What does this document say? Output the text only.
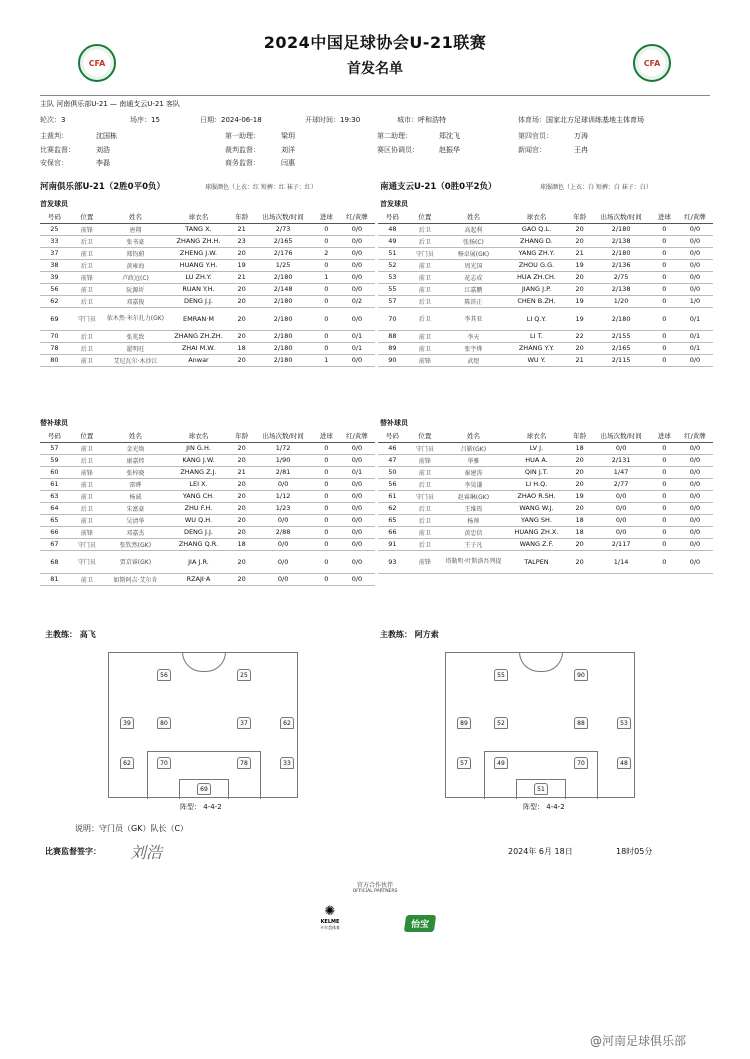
CFA	CFA
2024中国足球协会U-21联赛
首发名单
主队 河南俱乐部U-21 — 南通支云U-21 客队
轮次：3	场序：15	日期：2024-06-18	开球时间：19:30	城市：呼和浩特	体育场：国家北方足球训练基地主体育场
主裁判：	沈国栋	第一助理：	梁玥	第二助理：	郑沈飞	第四官员：	万涛
比赛监督：	刘浩	裁判监督：	刘洋	赛区协调员：	赵振华	新闻官：	王冉
安保官：	李磊	商务监督：	闫惠
河南俱乐部U-21（2胜0平0负）	球服颜色（上衣：红 短裤：红 袜子：红）	南通支云U-21（0胜0平2负）	球服颜色（上衣：白 短裤：白 袜子：白）
首发球员	首发球员
号码	位置	姓名	球衣名	年龄	出场次数/时间	进球	红/黄牌
25	前锋	唐翔	TANG X.	21	2/73	0	0/0
33	后卫	张书豪	ZHANG ZH.H.	23	2/165	0	0/0
37	前卫	郑钧蔚	ZHENG J.W.	20	2/176	2	0/0
38	后卫	黄雍海	HUANG Y.H.	19	1/25	0	0/0
39	前锋	卢政远(C)	LU ZH.Y.	21	2/180	1	0/0
56	前卫	阮源圻	RUAN Y.H.	20	2/148	0	0/0
62	后卫	邓嘉俊	DENG J.J.	20	2/180	0	0/2
69	守门员	依木然·米尔扎力(GK)	EMRAN·M	20	2/180	0	0/0
70	后卫	张兆致	ZHANG ZH.ZH.	20	2/180	0	0/1
78	后卫	翟明旺	ZHAI M.W.	18	2/180	0	0/1
80	前卫	艾尼瓦尔·木沙江	Anwar	20	2/180	1	0/0
号码	位置	姓名	球衣名	年龄	出场次数/时间	进球	红/黄牌
48	后卫	高起利	GAO Q.L.	20	2/180	0	0/0
49	后卫	张扬(C)	ZHANG D.	20	2/138	0	0/0
51	守门员	杨卓展(GK)	YANG ZH.Y.	21	2/180	0	0/0
52	前卫	周光国	ZHOU G.G.	19	2/136	0	0/0
53	前卫	花志成	HUA ZH.CH.	20	2/75	0	0/0
55	前卫	江嘉鹏	JIANG J.P.	20	2/138	0	0/0
57	后卫	陈滨正	CHEN B.ZH.	19	1/20	0	1/0
70	后卫	李其亚	LI Q.Y.	19	2/180	0	0/1
88	前卫	李天	LI T.	22	2/155	0	0/1
89	前卫	张宇烨	ZHANG Y.Y.	20	2/165	0	0/1
90	前锋	武煜	WU Y.	21	2/115	0	0/0
替补球员	替补球员
号码	位置	姓名	球衣名	年龄	出场次数/时间	进球	红/黄牌
57	前卫	金光焕	JIN G.H.	20	1/72	0	0/0
59	后卫	康嘉炜	KANG J.W.	20	1/90	0	0/0
60	前锋	张梓晓	ZHANG Z.J.	21	2/81	0	0/1
61	前卫	雷晔	LEI X.	20	0/0	0	0/0
63	前卫	杨诚	YANG CH.	20	1/12	0	0/0
64	后卫	朱富豪	ZHU F.H.	20	1/23	0	0/0
65	前卫	吴清华	WU Q.H.	20	0/0	0	0/0
66	前锋	邓嘉杰	DENG J.J.	20	2/88	0	0/0
67	守门员	张钦然(GK)	ZHANG Q.R.	18	0/0	0	0/0
68	守门员	贾京睿(GK)	JIA J.R.	20	0/0	0	0/0
81	前卫	如斯阿吉·艾尔肯	RZAJI·A	20	0/0	0	0/0
号码	位置	姓名	球衣名	年龄	出场次数/时间	进球	红/黄牌
46	守门员	吕靳(GK)	LV J.	18	0/0	0	0/0
47	前锋	华雅	HUA A.	20	2/131	0	0/0
50	前卫	秦建涛	QIN J.T.	20	1/47	0	0/0
56	后卫	李昊谦	LI H.Q.	20	2/77	0	0/0
61	守门员	赵睿琳(GK)	ZHAO R.SH.	19	0/0	0	0/0
62	后卫	王维筠	WANG W.J.	20	0/0	0	0/0
65	后卫	杨帅	YANG SH.	18	0/0	0	0/0
66	前卫	黄忠信	HUANG ZH.X.	18	0/0	0	0/0
91	后卫	王子凡	WANG Z.F.	20	2/117	0	0/0
93	前锋	塔勒明·叶斯洛吾列提	TALPEN	20	1/14	0	0/0
主教练： 高飞	主教练： 阿方索
56	25
39	80	37	62
62	70	78	33
69
55	90
89	52	88	53
57	49	70	48
51
阵型： 4-4-2	阵型： 4-4-2
说明：守门员（GK）队长（C）
比赛监督签字： 刘浩	2024年 6月 18日	18时05分
官方合作伙伴
OFFICIAL PARTNERS
✺
KELME
卡尔美体育	怡宝
@河南足球俱乐部
